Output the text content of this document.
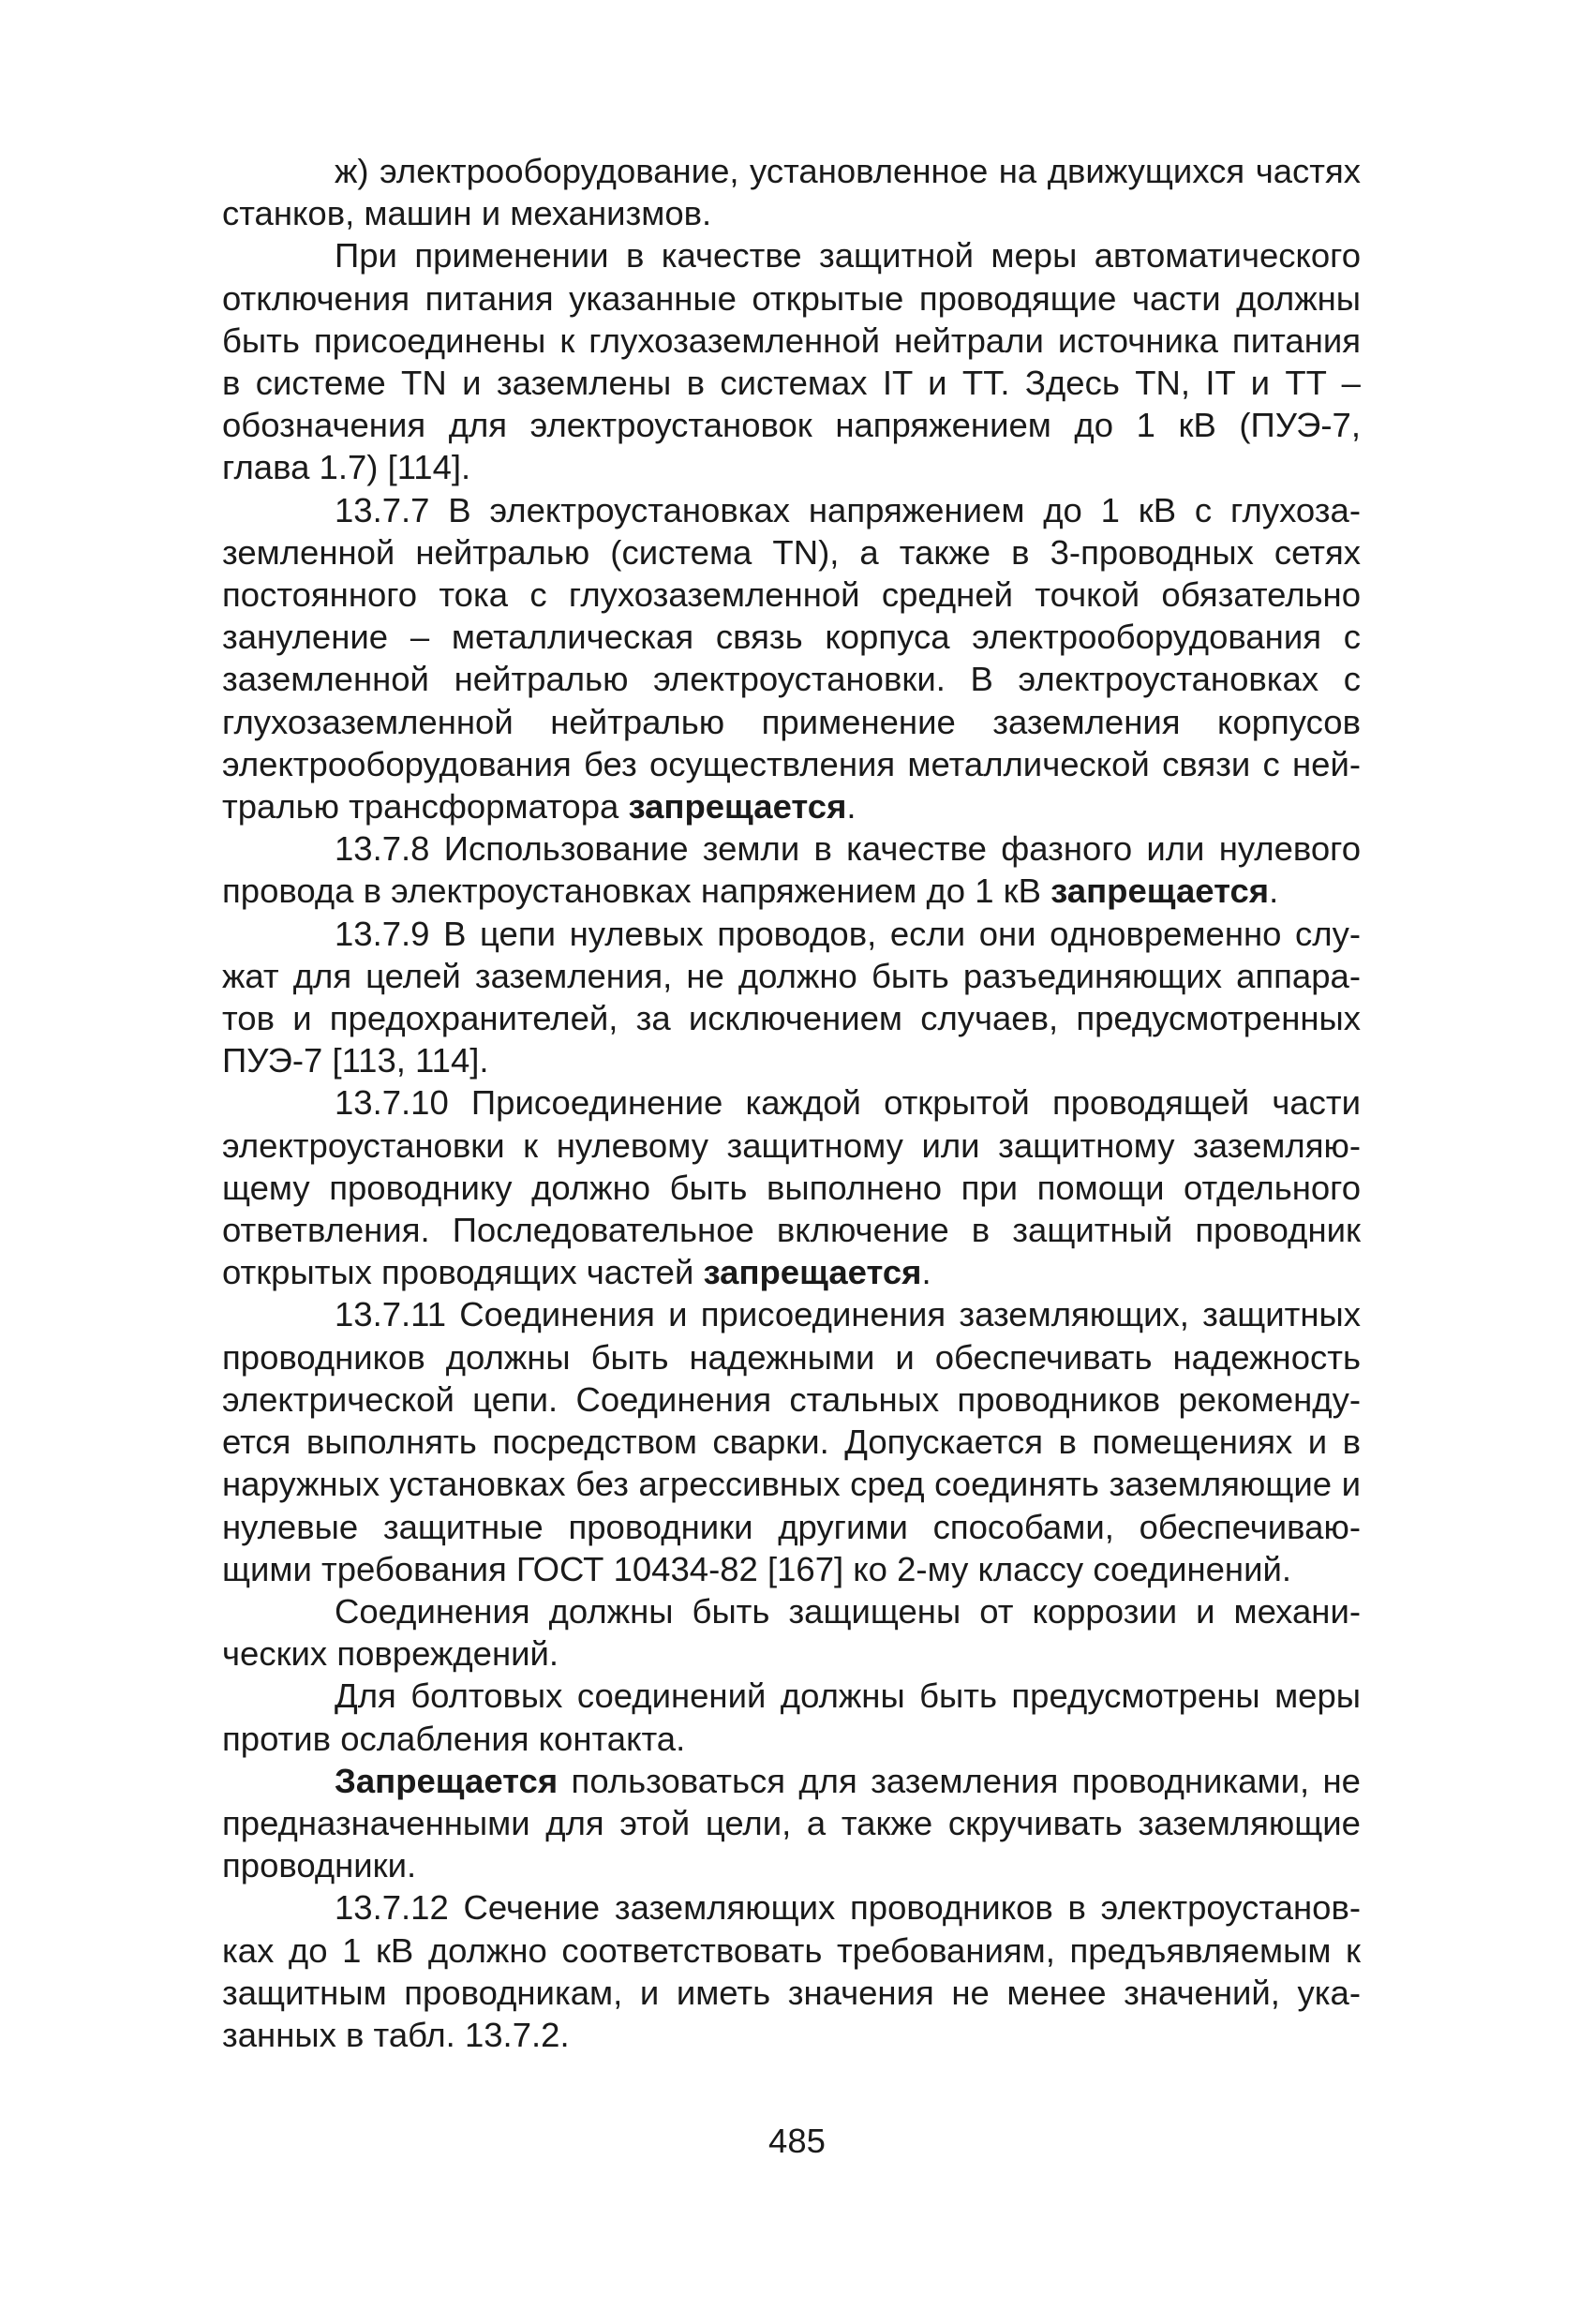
ж) электрооборудование, установленное на движущихся частях станков, машин и механизмов.

При применении в качестве защитной меры автоматического отключения питания указанные открытые проводящие части должны быть присоединены к глухозаземленной нейтрали источника питания в системе TN и заземлены в системах IT и TT. Здесь TN, IT и TT – обозначения для электроустановок напряжением до 1 кВ (ПУЭ-7, глава 1.7) [114].

13.7.7 В электроустановках напряжением до 1 кВ с глухозаземленной нейтралью (система TN), а также в 3-проводных сетях постоянного тока с глухозаземленной средней точкой обязательно зануление – металлическая связь корпуса электрооборудования с заземленной нейтралью электроустановки. В электроустановках с глухозаземленной нейтралью применение заземления корпусов электрооборудования без осуществления металлической связи с нейтралью трансформатора запрещается.

13.7.8 Использование земли в качестве фазного или нулевого провода в электроустановках напряжением до 1 кВ запрещается.

13.7.9 В цепи нулевых проводов, если они одновременно служат для целей заземления, не должно быть разъединяющих аппаратов и предохранителей, за исключением случаев, предусмотренных ПУЭ-7 [113, 114].

13.7.10 Присоединение каждой открытой проводящей части электроустановки к нулевому защитному или защитному заземляющему проводнику должно быть выполнено при помощи отдельного ответвления. Последовательное включение в защитный проводник открытых проводящих частей запрещается.

13.7.11 Соединения и присоединения заземляющих, защитных проводников должны быть надежными и обеспечивать надежность электрической цепи. Соединения стальных проводников рекомендуется выполнять посредством сварки. Допускается в помещениях и в наружных установках без агрессивных сред соединять заземляющие и нулевые защитные проводники другими способами, обеспечивающими требования ГОСТ 10434-82 [167] ко 2-му классу соединений.

Соединения должны быть защищены от коррозии и механических повреждений.

Для болтовых соединений должны быть предусмотрены меры против ослабления контакта.

Запрещается пользоваться для заземления проводниками, не предназначенными для этой цели, а также скручивать заземляющие проводники.

13.7.12 Сечение заземляющих проводников в электроустановках до 1 кВ должно соответствовать требованиям, предъявляемым к защитным проводникам, и иметь значения не менее значений, указанных в табл. 13.7.2.

485
